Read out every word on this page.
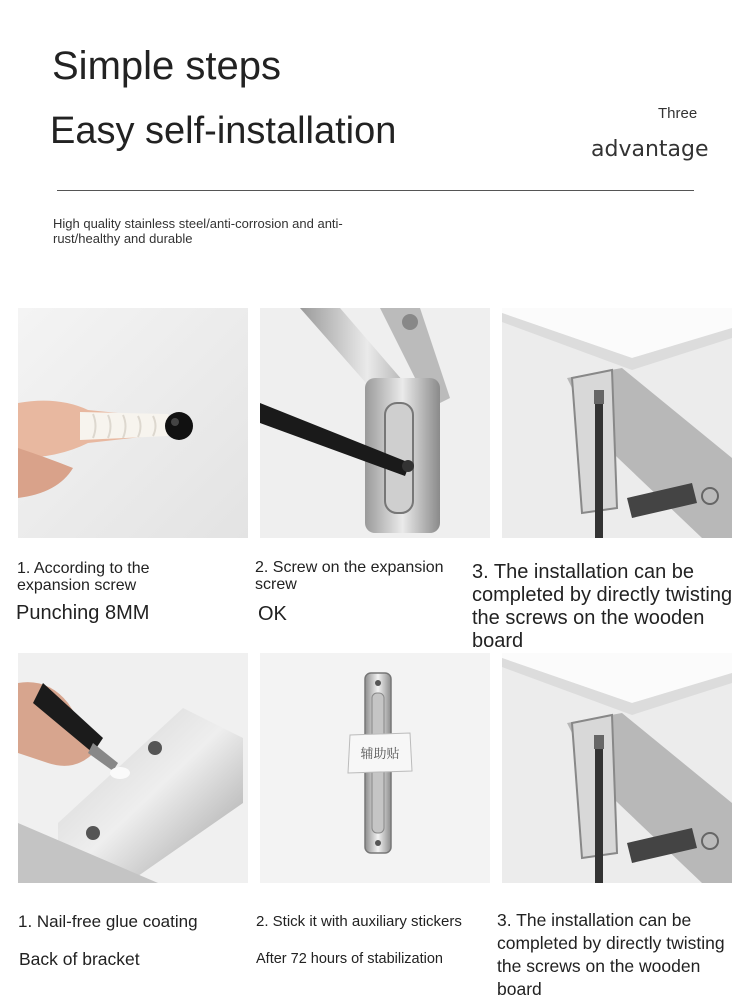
Simple steps
Easy self-installation	Three
advantage
High quality stainless steel/anti-corrosion and anti-rust/healthy and durable
1. According to the expansion screw
Punching 8MM
2. Screw on the expansion screw
OK
3. The installation can be completed by directly twisting the screws on the wooden board
辅助贴
1. Nail-free glue coating
Back of bracket
2. Stick it with auxiliary stickers
After 72 hours of stabilization
3. The installation can be completed by directly twisting the screws on the wooden board
